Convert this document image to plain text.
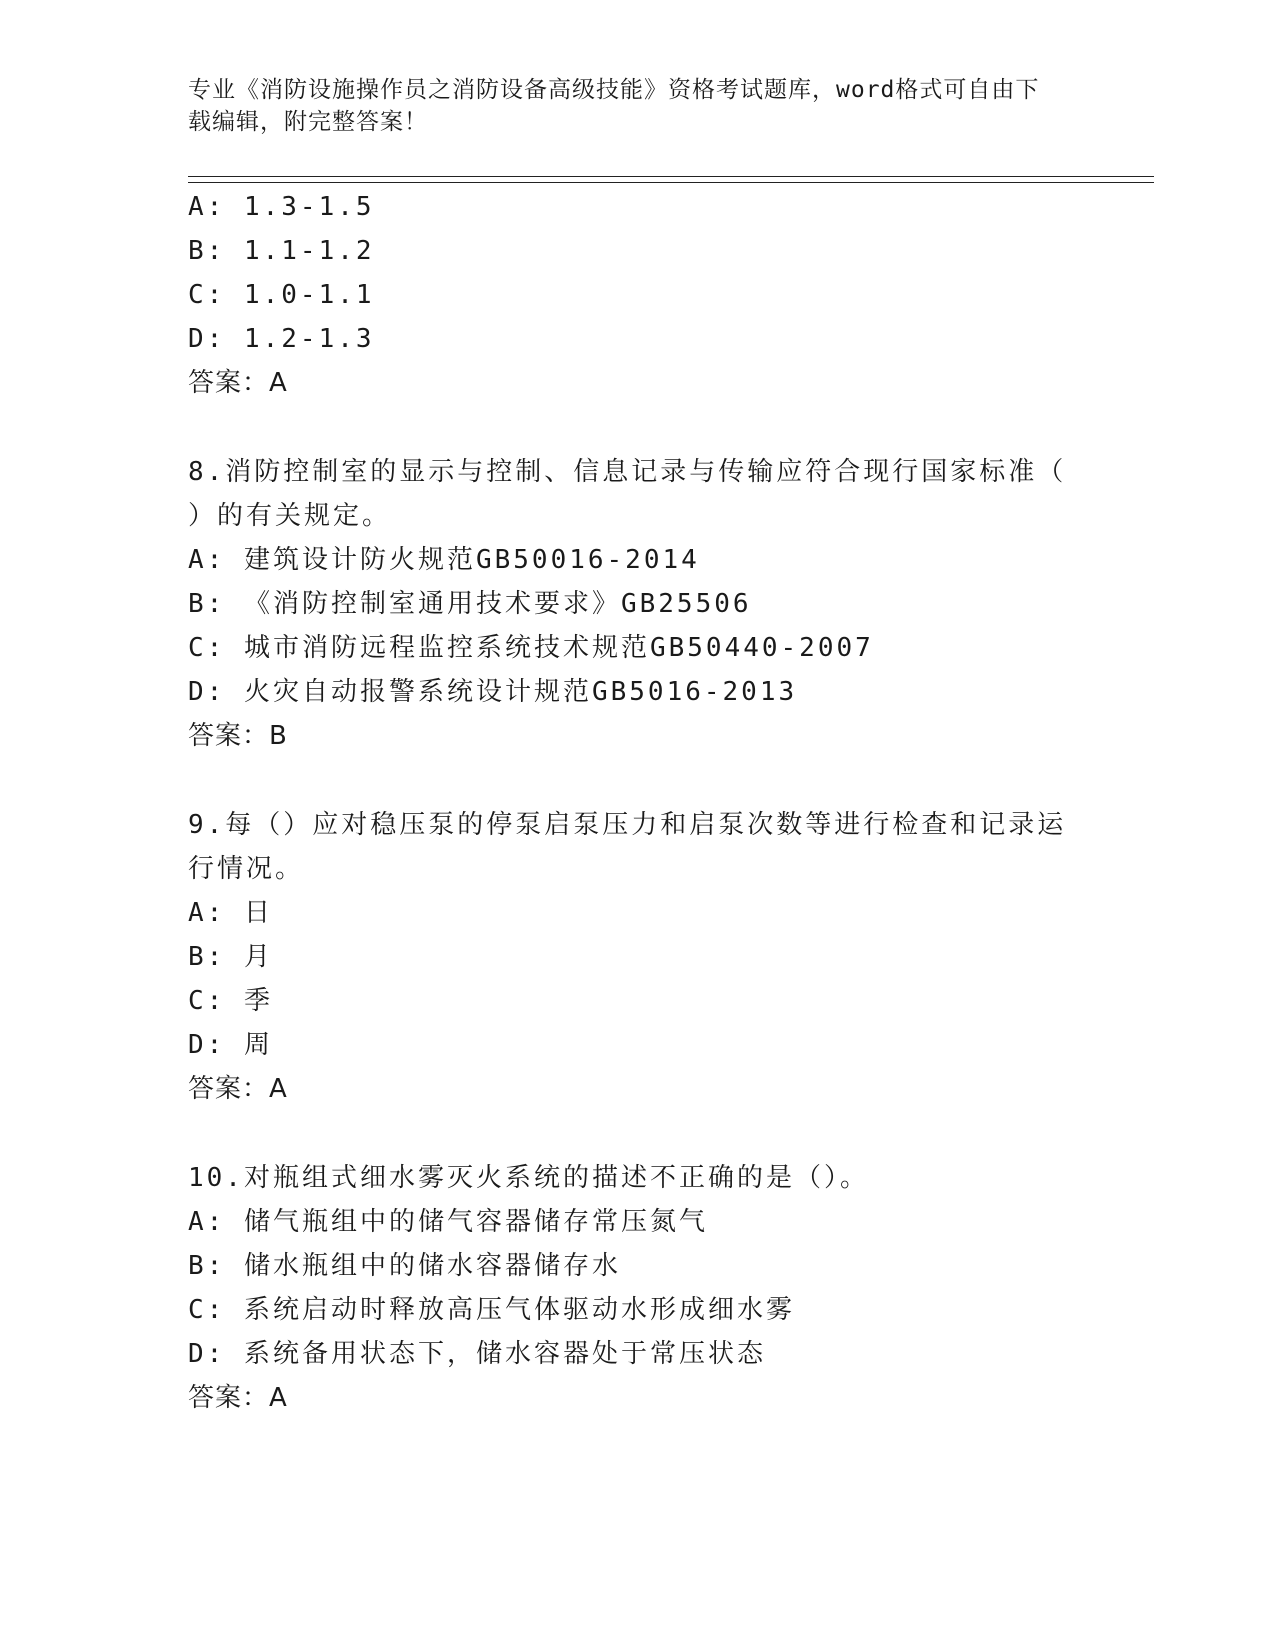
专业《消防设施操作员之消防设备高级技能》资格考试题库，word格式可自由下
载编辑，附完整答案！
A: 1.3-1.5
B: 1.1-1.2
C: 1.0-1.1
D: 1.2-1.3
答案：A
8.消防控制室的显示与控制、信息记录与传输应符合现行国家标准（
）的有关规定。
A: 建筑设计防火规范GB50016-2014
B: 《消防控制室通用技术要求》GB25506
C: 城市消防远程监控系统技术规范GB50440-2007
D: 火灾自动报警系统设计规范GB5016-2013
答案：B
9.每（）应对稳压泵的停泵启泵压力和启泵次数等进行检查和记录运
行情况。
A: 日
B: 月
C: 季
D: 周
答案：A
10.对瓶组式细水雾灭火系统的描述不正确的是（）。
A: 储气瓶组中的储气容器储存常压氮气
B: 储水瓶组中的储水容器储存水
C: 系统启动时释放高压气体驱动水形成细水雾
D: 系统备用状态下，储水容器处于常压状态
答案：A
